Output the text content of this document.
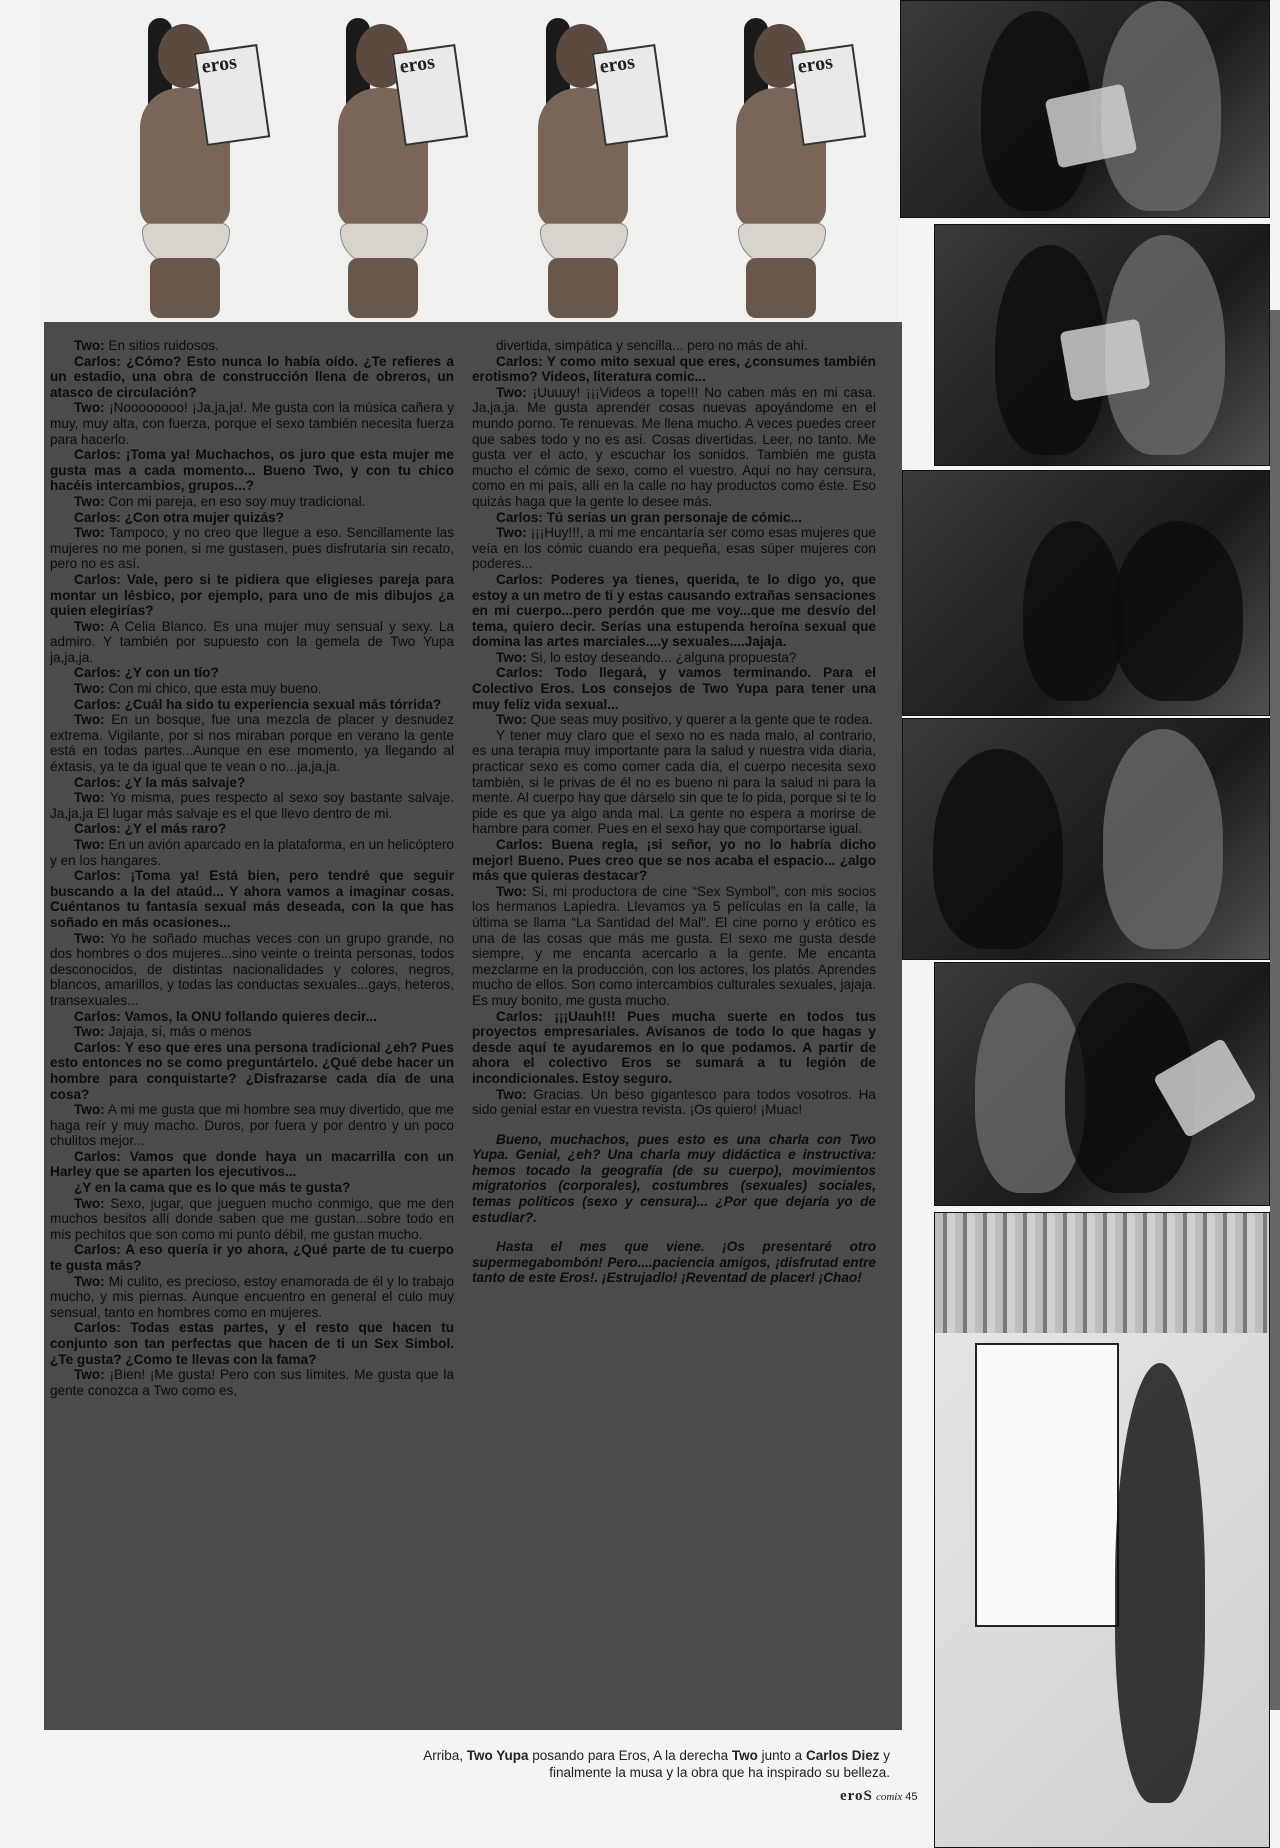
eros	eros	eros	eros

Two: En sitios ruidosos.

Carlos: ¿Cómo? Esto nunca lo había oído. ¿Te refieres a un estadio, una obra de construcción llena de obreros, un atasco de circulación?

Two: ¡Noooooooo! ¡Ja,ja,ja!. Me gusta con la música cañera y muy, muy alta, con fuerza, porque el sexo también necesita fuerza para hacerlo.

Carlos: ¡Toma ya! Muchachos, os juro que esta mujer me gusta mas a cada momento... Bueno Two, y con tu chico hacéis intercambios, grupos...?

Two: Con mi pareja, en eso soy muy tradicional.

Carlos: ¿Con otra mujer quizás?

Two: Tampoco, y no creo que llegue a eso. Sencillamente las mujeres no me ponen, si me gustasen, pues disfrutaría sin recato, pero no es así.

Carlos: Vale, pero si te pidiera que eligieses pareja para montar un lésbico, por ejemplo, para uno de mis dibujos ¿a quien elegirías?

Two: A Celia Blanco. Es una mujer muy sensual y sexy. La admiro. Y también por supuesto con la gemela de Two Yupa ja,ja,ja.

Carlos: ¿Y con un tío?

Two: Con mi chico, que esta muy bueno.

Carlos: ¿Cuál ha sido tu experiencia sexual más tórrida?

Two: En un bosque, fue una mezcla de placer y desnudez extrema. Vigilante, por si nos miraban porque en verano la gente está en todas partes...Aunque en ese momento, ya llegando al éxtasis, ya te da igual que te vean o no...ja,ja,ja.

Carlos: ¿Y la más salvaje?

Two: Yo misma, pues respecto al sexo soy bastante salvaje. Ja,ja,ja El lugar más salvaje es el que llevo dentro de mi.

Carlos: ¿Y el más raro?

Two: En un avión aparcado en la plataforma, en un helicóptero y en los hangares.

Carlos: ¡Toma ya! Está bien, pero tendré que seguir buscando a la del ataúd... Y ahora vamos a imaginar cosas. Cuéntanos tu fantasía sexual más deseada, con la que has soñado en más ocasiones...

Two: Yo he soñado muchas veces con un grupo grande, no dos hombres o dos mujeres...sino veinte o treinta personas, todos desconocidos, de distintas nacionalidades y colores, negros, blancos, amarillos, y todas las conductas sexuales...gays, heteros, transexuales...

Carlos: Vamos, la ONU follando quieres decir...

Two: Jajaja, sí, más o menos

Carlos: Y eso que eres una persona tradicional ¿eh? Pues esto entonces no se como preguntártelo. ¿Qué debe hacer un hombre para conquistarte? ¿Disfrazarse cada día de una cosa?

Two: A mi me gusta que mi hombre sea muy divertido, que me haga reír y muy macho. Duros, por fuera y por dentro y un poco chulitos mejor...

Carlos: Vamos que donde haya un macarrilla con un Harley que se aparten los ejecutivos...

¿Y en la cama que es lo que más te gusta?

Two: Sexo, jugar, que jueguen mucho conmigo, que me den muchos besitos allí donde saben que me gustan...sobre todo en mis pechitos que son como mi punto débil, me gustan mucho.

Carlos: A eso quería ir yo ahora, ¿Qué parte de tu cuerpo te gusta más?

Two: Mi culito, es precioso, estoy enamorada de él y lo trabajo mucho, y mis piernas. Aunque encuentro en general el culo muy sensual, tanto en hombres como en mujeres.

Carlos: Todas estas partes, y el resto que hacen tu conjunto son tan perfectas que hacen de ti un Sex Simbol. ¿Te gusta? ¿Como te llevas con la fama?

Two: ¡Bien! ¡Me gusta! Pero con sus límites. Me gusta que la gente conozca a Two como es,

divertida, simpática y sencilla... pero no más de ahí.

Carlos: Y como mito sexual que eres, ¿consumes también erotismo? Videos, literatura comic...

Two: ¡Uuuuy! ¡¡¡Videos a tope!!! No caben más en mi casa. Ja,ja,ja. Me gusta aprender cosas nuevas apoyándome en el mundo porno. Te renuevas. Me llena mucho. A veces puedes creer que sabes todo y no es así. Cosas divertidas. Leer, no tanto. Me gusta ver el acto, y escuchar los sonidos. También me gusta mucho el cómic de sexo, como el vuestro. Aquí no hay censura, como en mi país, allí en la calle no hay productos como éste. Eso quizás haga que la gente lo desee más.

Carlos: Tú serías un gran personaje de cómic...

Two: ¡¡¡Huy!!!, a mi me encantaría ser como esas mujeres que veía en los cómic cuando era pequeña, esas súper mujeres con poderes...

Carlos: Poderes ya tienes, querida, te lo digo yo, que estoy a un metro de ti y estas causando extrañas sensaciones en mi cuerpo...pero perdón que me voy...que me desvío del tema, quiero decir. Serías una estupenda heroína sexual que domina las artes marciales....y sexuales....Jajaja.

Two: Si, lo estoy deseando... ¿alguna propuesta?

Carlos: Todo llegará, y vamos terminando. Para el Colectivo Eros. Los consejos de Two Yupa para tener una muy feliz vida sexual...

Two: Que seas muy positivo, y querer a la gente que te rodea.

Y tener muy claro que el sexo no es nada malo, al contrario, es una terapia muy importante para la salud y nuestra vida diaria, practicar sexo es como comer cada día, el cuerpo necesita sexo también, si le privas de él no es bueno ni para la salud ni para la mente. Al cuerpo hay que dárselo sin que te lo pida, porque si te lo pide es que ya algo anda mal. La gente no espera a morirse de hambre para comer. Pues en el sexo hay que comportarse igual.

Carlos: Buena regla, ¡si señor, yo no lo habría dicho mejor! Bueno. Pues creo que se nos acaba el espacio... ¿algo más que quieras destacar?

Two: Si, mi productora de cine “Sex Symbol”, con mis socios los hermanos Lapiedra. Llevamos ya 5 películas en la calle, la última se llama “La Santidad del Mal”. El cine porno y erótico es una de las cosas que más me gusta. El sexo me gusta desde siempre, y me encanta acercarlo a la gente. Me encanta mezclarme en la producción, con los actores, los platós. Aprendes mucho de ellos. Son como intercambios culturales sexuales, jajaja. Es muy bonito, me gusta mucho.

Carlos: ¡¡¡Uauh!!! Pues mucha suerte en todos tus proyectos empresariales. Avísanos de todo lo que hagas y desde aquí te ayudaremos en lo que podamos. A partir de ahora el colectivo Eros se sumará a tu legión de incondicionales. Estoy seguro.

Two: Gracias. Un beso gigantesco para todos vosotros. Ha sido genial estar en vuestra revista. ¡Os quiero! ¡Muac!

Bueno, muchachos, pues esto es una charla con Two Yupa. Genial, ¿eh? Una charla muy didáctica e instructiva: hemos tocado la geografía (de su cuerpo), movimientos migratorios (corporales), costumbres (sexuales) sociales, temas políticos (sexo y censura)... ¿Por que dejaría yo de estudiar?.

Hasta el mes que viene. ¡Os presentaré otro supermegabombón! Pero....paciencia amigos, ¡disfrutad entre tanto de este Eros!. ¡Estrujadlo! ¡Reventad de placer! ¡Chao!

Arriba, Two Yupa posando para Eros, A la derecha Two junto a Carlos Diez y finalmente la musa y la obra que ha inspirado su belleza.
eroS comix 45
